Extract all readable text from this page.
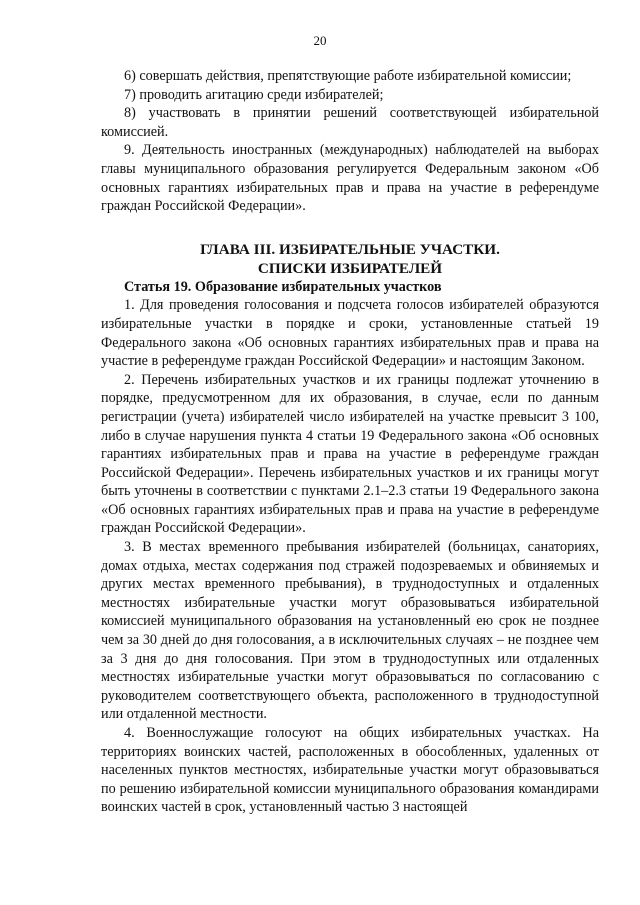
20

6) совершать действия, препятствующие работе избирательной комиссии;

7) проводить агитацию среди избирателей;

8) участвовать в принятии решений соответствующей избирательной комиссией.

9. Деятельность иностранных (международных) наблюдателей на выборах главы муниципального образования регулируется Федеральным законом «Об основных гарантиях избирательных прав и права на участие в референдуме граждан Российской Федерации».

ГЛАВА III. ИЗБИРАТЕЛЬНЫЕ УЧАСТКИ.
СПИСКИ ИЗБИРАТЕЛЕЙ

Статья 19. Образование избирательных участков

1. Для проведения голосования и подсчета голосов избирателей образуются избирательные участки в порядке и сроки, установленные статьей 19 Федерального закона «Об основных гарантиях избирательных прав и права на участие в референдуме граждан Российской Федерации» и настоящим Законом.

2. Перечень избирательных участков и их границы подлежат уточнению в порядке, предусмотренном для их образования, в случае, если по данным регистрации (учета) избирателей число избирателей на участке превысит 3 100, либо в случае нарушения пункта 4 статьи 19 Федерального закона «Об основных гарантиях избирательных прав и права на участие в референдуме граждан Российской Федерации». Перечень избирательных участков и их границы могут быть уточнены в соответствии с пунктами 2.1–2.3 статьи 19 Федерального закона «Об основных гарантиях избирательных прав и права на участие в референдуме граждан Российской Федерации».

3. В местах временного пребывания избирателей (больницах, санаториях, домах отдыха, местах содержания под стражей подозреваемых и обвиняемых и других местах временного пребывания), в труднодоступных и отдаленных местностях избирательные участки могут образовываться избирательной комиссией муниципального образования на установленный ею срок не позднее чем за 30 дней до дня голосования, а в исключительных случаях – не позднее чем за 3 дня до дня голосования. При этом в труднодоступных или отдаленных местностях избирательные участки могут образовываться по согласованию с руководителем соответствующего объекта, расположенного в труднодоступной или отдаленной местности.

4. Военнослужащие голосуют на общих избирательных участках. На территориях воинских частей, расположенных в обособленных, удаленных от населенных пунктов местностях, избирательные участки могут образовываться по решению избирательной комиссии муниципального образования командирами воинских частей в срок, установленный частью 3 настоящей
